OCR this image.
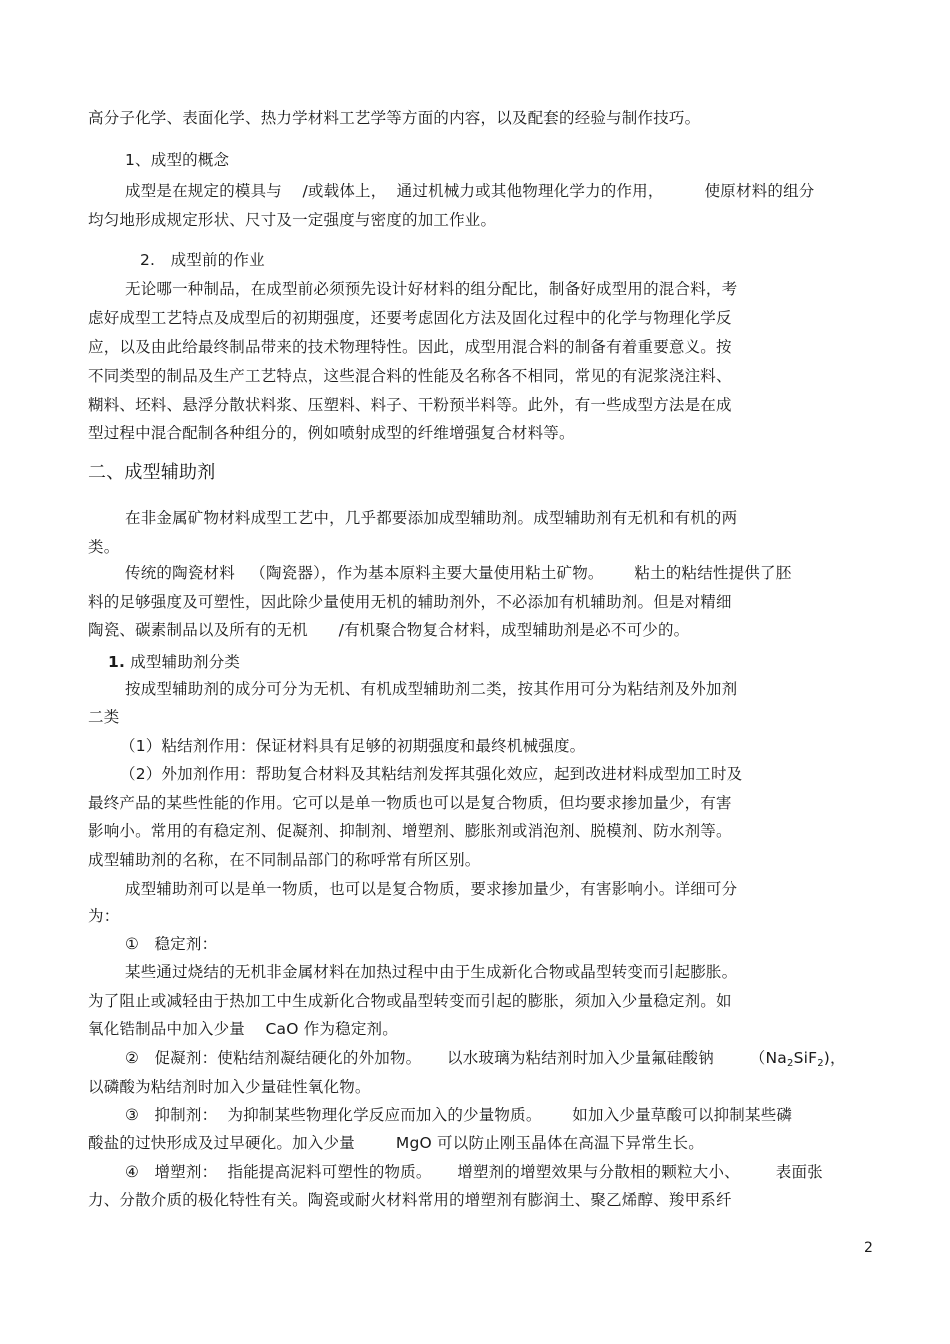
高分子化学、表面化学、热力学材料工艺学等方面的内容，以及配套的经验与制作技巧。
1、成型的概念
成型是在规定的模具与    /或载体上，  通过机械力或其他物理化学力的作用，        使原材料的组分
均匀地形成规定形状、尺寸及一定强度与密度的加工作业。
2.   成型前的作业
无论哪一种制品，在成型前必须预先设计好材料的组分配比，制备好成型用的混合料，考
虑好成型工艺特点及成型后的初期强度，还要考虑固化方法及固化过程中的化学与物理化学反
应，以及由此给最终制品带来的技术物理特性。因此，成型用混合料的制备有着重要意义。按
不同类型的制品及生产工艺特点，这些混合料的性能及名称各不相同，常见的有泥浆浇注料、
糊料、坯料、悬浮分散状料浆、压塑料、料子、干粉预半料等。此外，有一些成型方法是在成
型过程中混合配制各种组分的，例如喷射成型的纤维增强复合材料等。
二、成型辅助剂
在非金属矿物材料成型工艺中，几乎都要添加成型辅助剂。成型辅助剂有无机和有机的两
类。
传统的陶瓷材料   （陶瓷器），作为基本原料主要大量使用粘土矿物。      粘土的粘结性提供了胚
料的足够强度及可塑性，因此除少量使用无机的辅助剂外，不必添加有机辅助剂。但是对精细
陶瓷、碳素制品以及所有的无机      /有机聚合物复合材料，成型辅助剂是必不可少的。
1. 成型辅助剂分类
按成型辅助剂的成分可分为无机、有机成型辅助剂二类，按其作用可分为粘结剂及外加剂
二类
（1）粘结剂作用：保证材料具有足够的初期强度和最终机械强度。
（2）外加剂作用：帮助复合材料及其粘结剂发挥其强化效应，起到改进材料成型加工时及
最终产品的某些性能的作用。它可以是单一物质也可以是复合物质，但均要求掺加量少，有害
影响小。常用的有稳定剂、促凝剂、抑制剂、增塑剂、膨胀剂或消泡剂、脱模剂、防水剂等。
成型辅助剂的名称，在不同制品部门的称呼常有所区别。
成型辅助剂可以是单一物质，也可以是复合物质，要求掺加量少，有害影响小。详细可分
为：
①   稳定剂：
某些通过烧结的无机非金属材料在加热过程中由于生成新化合物或晶型转变而引起膨胀。
为了阻止或减轻由于热加工中生成新化合物或晶型转变而引起的膨胀，须加入少量稳定剂。如
氧化锆制品中加入少量    CaO 作为稳定剂。
②   促凝剂：使粘结剂凝结硬化的外加物。     以水玻璃为粘结剂时加入少量氟硅酸钠       $(Na_2SiF_2)$，
以磷酸为粘结剂时加入少量硅性氧化物。
③   抑制剂：  为抑制某些物理化学反应而加入的少量物质。      如加入少量草酸可以抑制某些磷
酸盐的过快形成及过早硬化。加入少量        MgO 可以防止刚玉晶体在高温下异常生长。
④   增塑剂：  指能提高泥料可塑性的物质。     增塑剂的增塑效果与分散相的颗粒大小、       表面张
力、分散介质的极化特性有关。陶瓷或耐火材料常用的增塑剂有膨润土、聚乙烯醇、羧甲系纤
2
